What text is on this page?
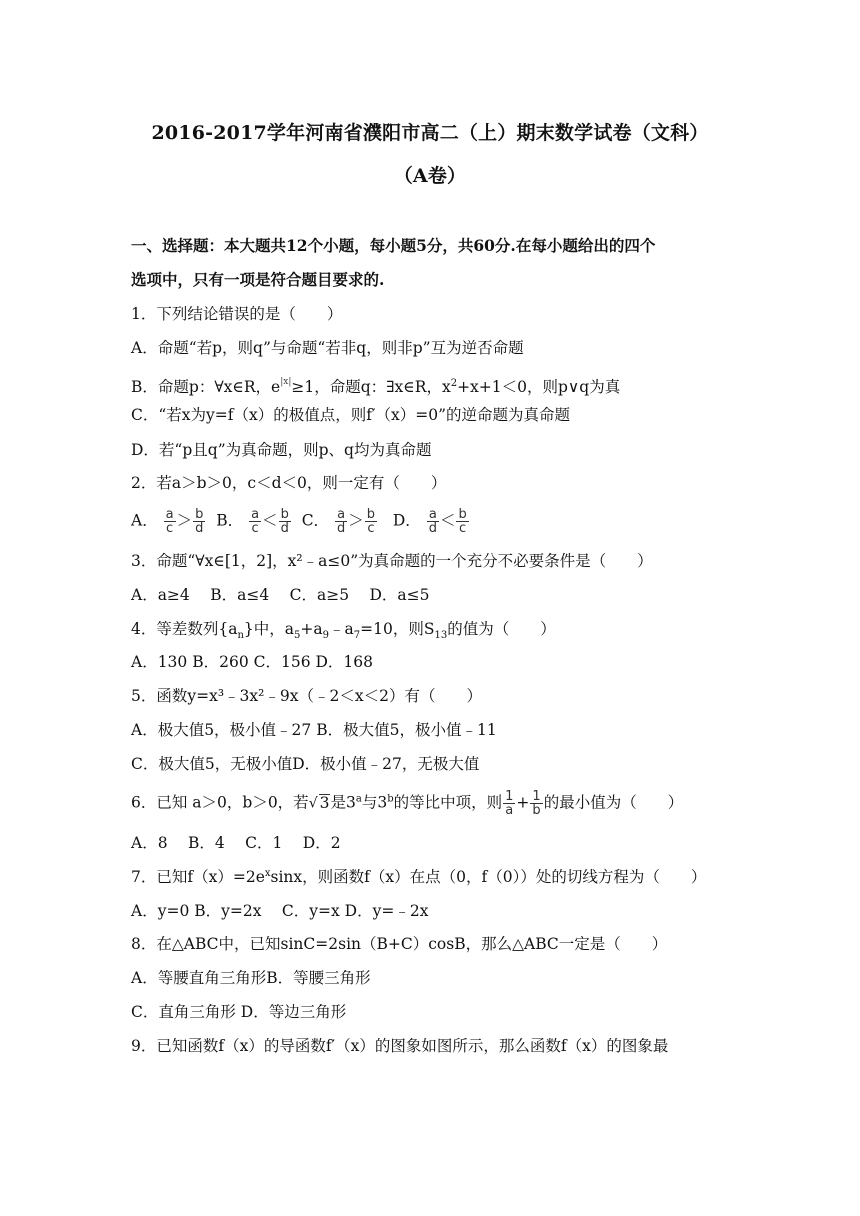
2016-2017学年河南省濮阳市高二（上）期末数学试卷（文科）
（A卷）
一、选择题：本大题共12个小题，每小题5分，共60分.在每小题给出的四个
选项中，只有一项是符合题目要求的.
1．下列结论错误的是（　　）
A．命题“若p，则q”与命题“若非q，则非p”互为逆否命题
B．命题p：∀x∈R，$e^{|x|}\ge 1$，命题q：∃x∈R，$x^2+x+1<0$，则p∨q为真
C．“若x为y=f（x）的极值点，则f′（x）=0”的逆命题为真命题
D．若“p且q”为真命题，则p、q均为真命题
2．若a＞b＞0，c＜d＜0，则一定有（　　）
A． $\frac{a}{c} > \frac{b}{d}$ B． $\frac{a}{c} < \frac{b}{d}$ C． $\frac{a}{d} > \frac{b}{c}$ D． $\frac{a}{d} < \frac{b}{c}$
3．命题“∀x∈[1，2]，x²﹣a≤0”为真命题的一个充分不必要条件是（　　）
A．a≥4　 B．a≤4　 C．a≥5　 D．a≤5
4．等差数列$\{a_n\}$中，$a_5+a_9﹣a_7=10$，则$S_{13}$的值为（　　）
A．130 B．260 C．156 D．168
5．函数y=x³﹣3x²﹣9x（﹣2＜x＜2）有（　　）
A．极大值5，极小值﹣27 B．极大值5，极小值﹣11
C．极大值5，无极小值D．极小值﹣27，无极大值
6．已知 a＞0，b＞0，若√ 3是3$^a$与3$^b$的等比中项，则 $\frac{1}{a} + \frac{1}{b}$ 的最小值为（　　）
A．8　 B．4　 C．1　 D．2
7．已知$f(x)=2e^x\sin x$，则函数f（x）在点（0，f（0））处的切线方程为（　　）
A．y=0 B．y=2x　 C．y=x D．y=﹣2x
8．在△ABC中，已知sinC=2sin（B+C）cosB，那么△ABC一定是（　　）
A．等腰直角三角形B．等腰三角形
C．直角三角形 D．等边三角形
9．已知函数f（x）的导函数f′（x）的图象如图所示，那么函数f（x）的图象最
